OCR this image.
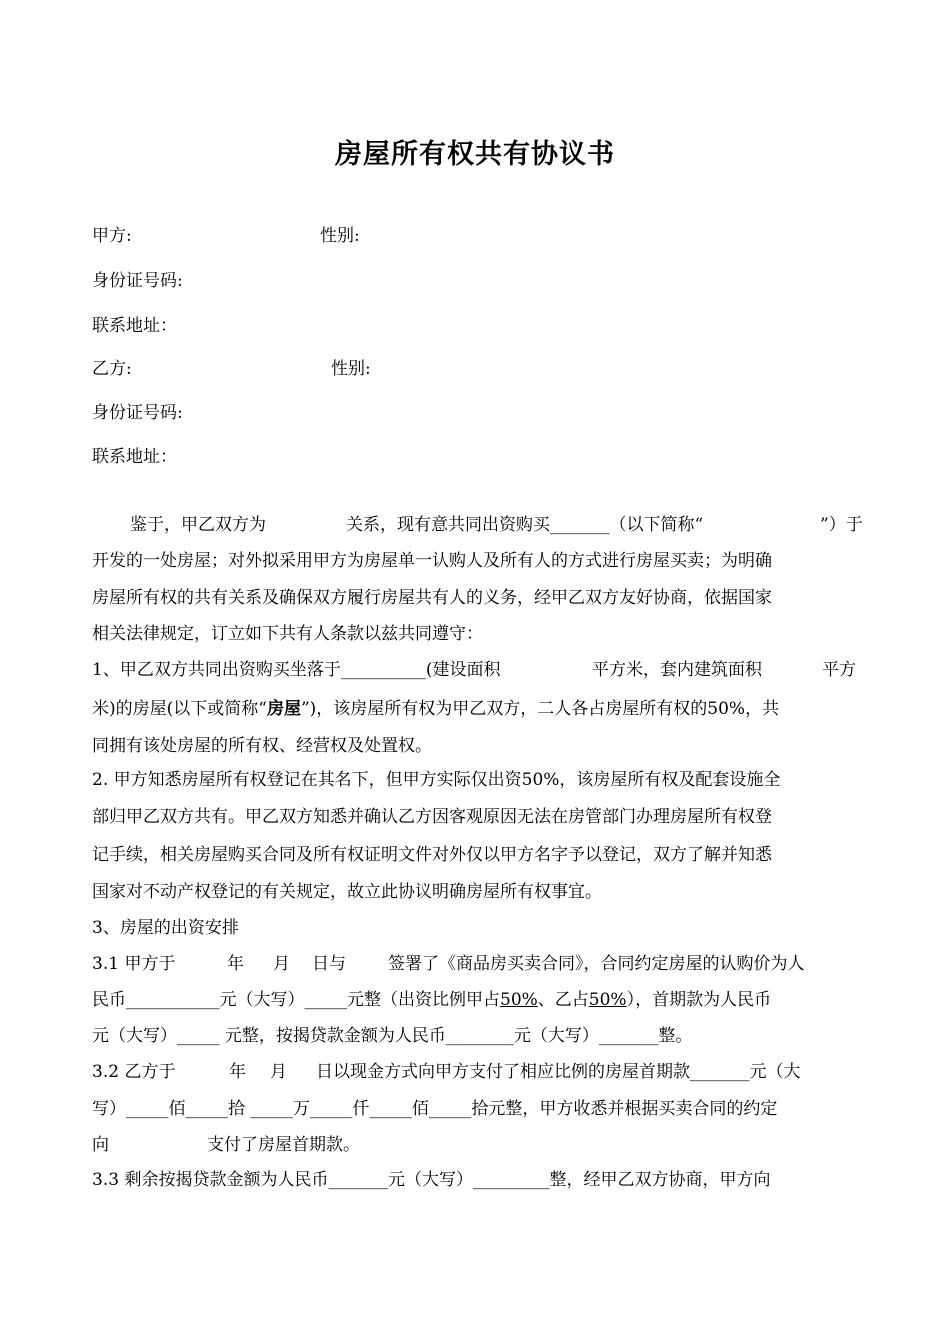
房屋所有权共有协议书
甲方:	性别:
身份证号码:
联系地址：
乙方:	性别:
身份证号码:
联系地址：
鉴于，甲乙双方为	关系，现有意共同出资购买_______（以下简称“	”）于
开发的一处房屋；对外拟采用甲方为房屋单一认购人及所有人的方式进行房屋买卖；为明确
房屋所有权的共有关系及确保双方履行房屋共有人的义务，经甲乙双方友好协商，依据国家
相关法律规定，订立如下共有人条款以兹共同遵守：
1、甲乙双方共同出资购买坐落于__________(建设面积	平方米，套内建筑面积	平方
米)的房屋(以下或简称“房屋”)，该房屋所有权为甲乙双方，二人各占房屋所有权的50%，共
同拥有该处房屋的所有权、经营权及处置权。
2. 甲方知悉房屋所有权登记在其名下，但甲方实际仅出资50%，该房屋所有权及配套设施全
部归甲乙双方共有。甲乙双方知悉并确认乙方因客观原因无法在房管部门办理房屋所有权登
记手续，相关房屋购买合同及所有权证明文件对外仅以甲方名字予以登记，双方了解并知悉
国家对不动产权登记的有关规定，故立此协议明确房屋所有权事宜。
3、房屋的出资安排
3.1 甲方于	年 月 日与 签署了《商品房买卖合同》，合同约定房屋的认购价为人
民币___________元（大写）_____元整（出资比例甲占50%、乙占50%），首期款为人民币
元（大写）_____ 元整，按揭贷款金额为人民币________元（大写）_______整。
3.2 乙方于	年 月 日以现金方式向甲方支付了相应比例的房屋首期款_______元（大
写）_____佰_____拾 _____万_____仟_____佰_____拾元整，甲方收悉并根据买卖合同的约定
向	支付了房屋首期款。
3.3 剩余按揭贷款金额为人民币_______元（大写）_________整，经甲乙双方协商，甲方向
